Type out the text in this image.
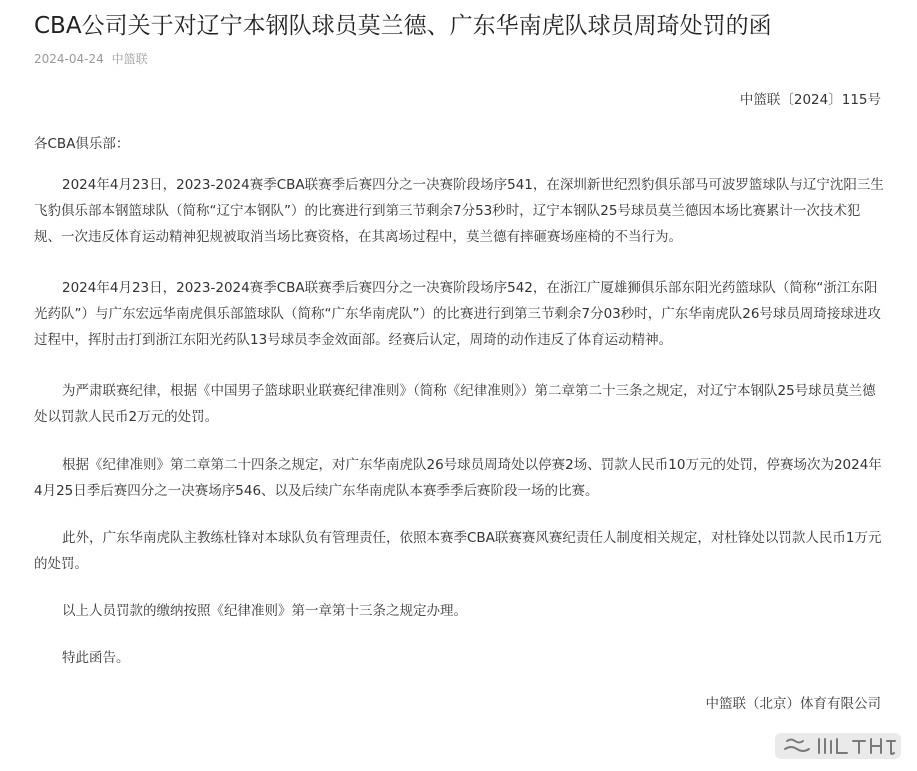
CBA公司关于对辽宁本钢队球员莫兰德、广东华南虎队球员周琦处罚的函
2024-04-24 中篮联
中篮联〔2024〕115号
各CBA俱乐部：

2024年4月23日，2023-2024赛季CBA联赛季后赛四分之一决赛阶段场序541，在深圳新世纪烈豹俱乐部马可波罗篮球队与辽宁沈阳三生飞豹俱乐部本钢篮球队（简称“辽宁本钢队”）的比赛进行到第三节剩余7分53秒时，辽宁本钢队25号球员莫兰德因本场比赛累计一次技术犯规、一次违反体育运动精神犯规被取消当场比赛资格，在其离场过程中，莫兰德有摔砸赛场座椅的不当行为。

2024年4月23日，2023-2024赛季CBA联赛季后赛四分之一决赛阶段场序542，在浙江广厦雄狮俱乐部东阳光药篮球队（简称“浙江东阳光药队”）与广东宏远华南虎俱乐部篮球队（简称“广东华南虎队”）的比赛进行到第三节剩余7分03秒时，广东华南虎队26号球员周琦接球进攻过程中，挥肘击打到浙江东阳光药队13号球员李金效面部。经赛后认定，周琦的动作违反了体育运动精神。

为严肃联赛纪律，根据《中国男子篮球职业联赛纪律准则》（简称《纪律准则》）第二章第二十三条之规定，对辽宁本钢队25号球员莫兰德处以罚款人民币2万元的处罚。

根据《纪律准则》第二章第二十四条之规定，对广东华南虎队26号球员周琦处以停赛2场、罚款人民币10万元的处罚，停赛场次为2024年4月25日季后赛四分之一决赛场序546、以及后续广东华南虎队本赛季季后赛阶段一场的比赛。

此外，广东华南虎队主教练杜锋对本球队负有管理责任，依照本赛季CBA联赛赛风赛纪责任人制度相关规定，对杜锋处以罚款人民币1万元的处罚。

以上人员罚款的缴纳按照《纪律准则》第一章第十三条之规定办理。

特此函告。

中篮联（北京）体育有限公司
